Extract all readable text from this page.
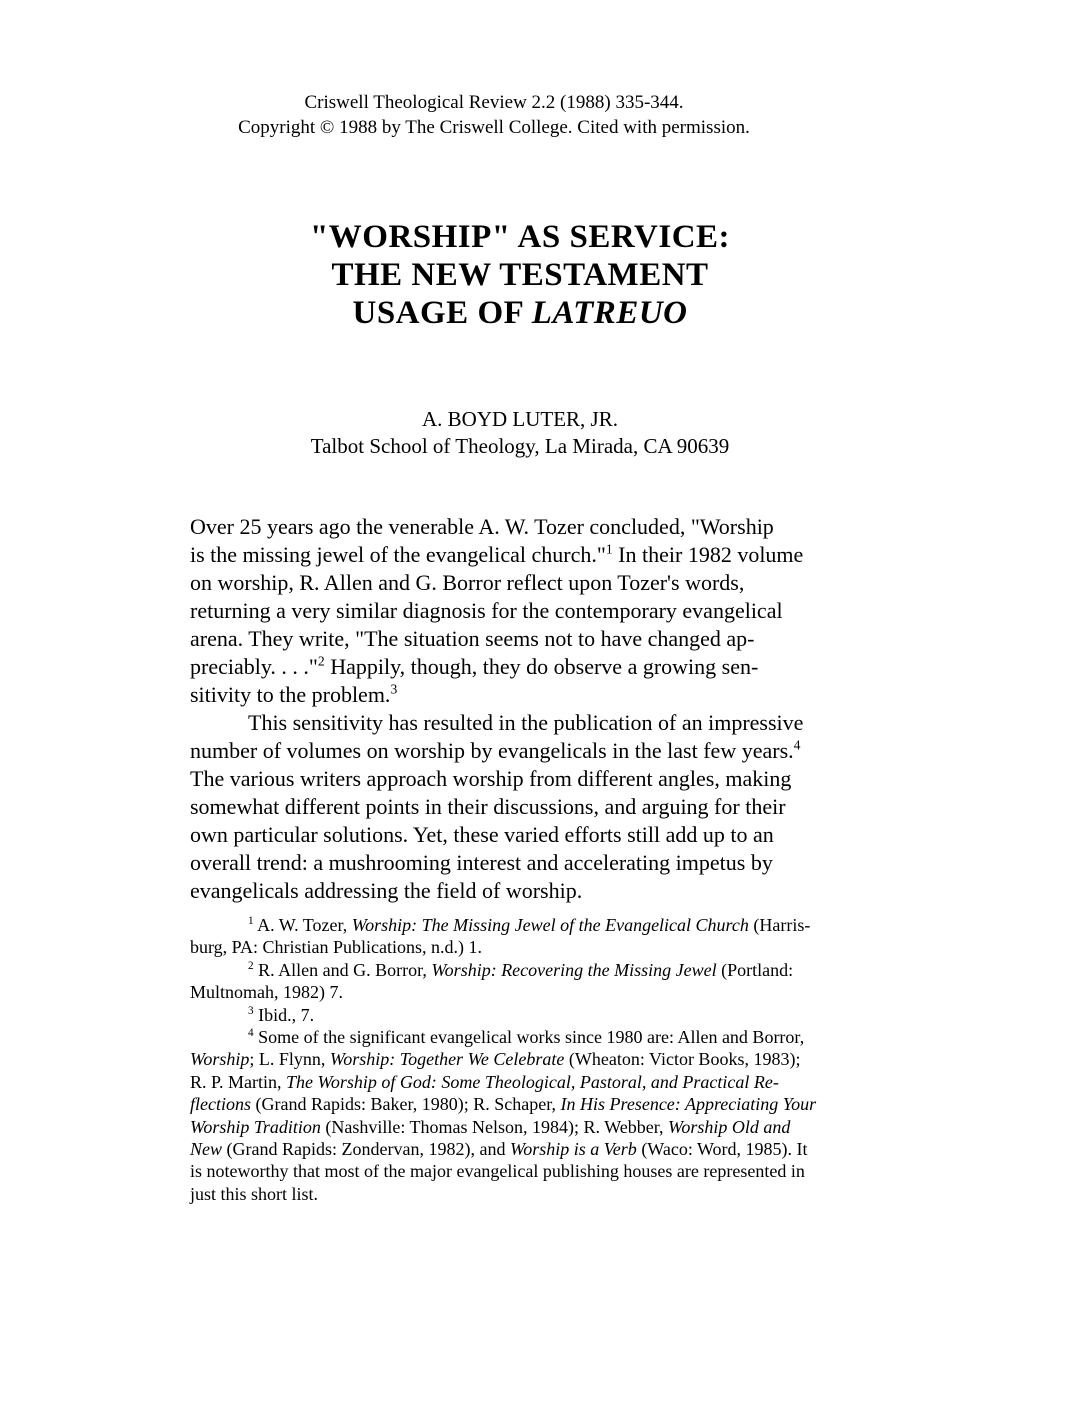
Criswell Theological Review 2.2 (1988) 335-344.
Copyright © 1988 by The Criswell College. Cited with permission.
"WORSHIP" AS SERVICE:
THE NEW TESTAMENT
USAGE OF LATREUO
A. BOYD LUTER, JR.
Talbot School of Theology, La Mirada, CA 90639
Over 25 years ago the venerable A. W. Tozer concluded, "Worship
is the missing jewel of the evangelical church."$^1$ In their 1982 volume
on worship, R. Allen and G. Borror reflect upon Tozer's words,
returning a very similar diagnosis for the contemporary evangelical
arena. They write, "The situation seems not to have changed ap-
preciably. . . ."$^2$ Happily, though, they do observe a growing sen-
sitivity to the problem.$^3$
This sensitivity has resulted in the publication of an impressive
number of volumes on worship by evangelicals in the last few years.$^4$
The various writers approach worship from different angles, making
somewhat different points in their discussions, and arguing for their
own particular solutions. Yet, these varied efforts still add up to an
overall trend: a mushrooming interest and accelerating impetus by
evangelicals addressing the field of worship.
$^1$ A. W. Tozer, Worship: The Missing Jewel of the Evangelical Church (Harris-
burg, PA: Christian Publications, n.d.) 1.
$^2$ R. Allen and G. Borror, Worship: Recovering the Missing Jewel (Portland:
Multnomah, 1982) 7.
$^3$ Ibid., 7.
$^4$ Some of the significant evangelical works since 1980 are: Allen and Borror,
Worship; L. Flynn, Worship: Together We Celebrate (Wheaton: Victor Books, 1983);
R. P. Martin, The Worship of God: Some Theological, Pastoral, and Practical Re-
flections (Grand Rapids: Baker, 1980); R. Schaper, In His Presence: Appreciating Your
Worship Tradition (Nashville: Thomas Nelson, 1984); R. Webber, Worship Old and
New (Grand Rapids: Zondervan, 1982), and Worship is a Verb (Waco: Word, 1985). It
is noteworthy that most of the major evangelical publishing houses are represented in
just this short list.
